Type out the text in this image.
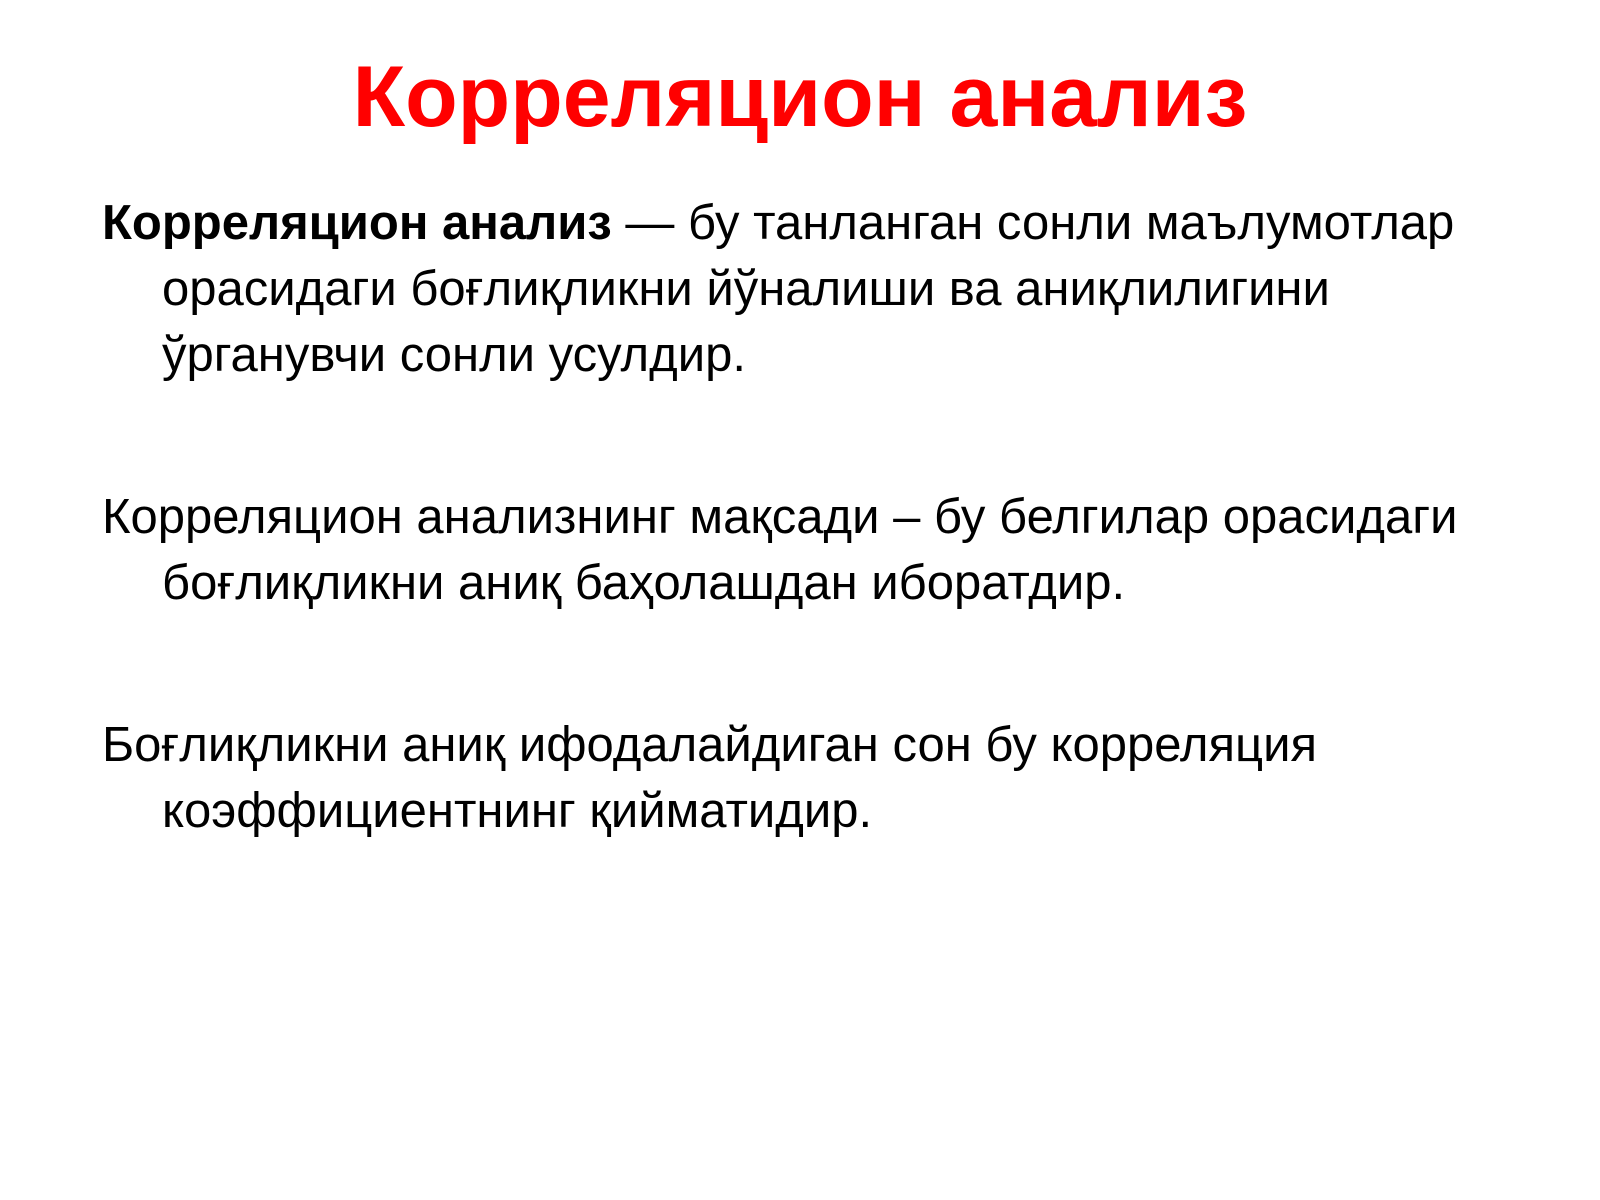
Корреляцион анализ

Корреляцион анализ — бу танланган сонли маълумотлар орасидаги боғлиқликни йўналиши ва аниқлилигини ўрганувчи сонли усулдир.

Корреляцион анализнинг мақсади – бу белгилар орасидаги боғлиқликни аниқ баҳолашдан иборатдир.

Боғлиқликни аниқ ифодалайдиган сон бу корреляция коэффициентнинг қийматидир.
